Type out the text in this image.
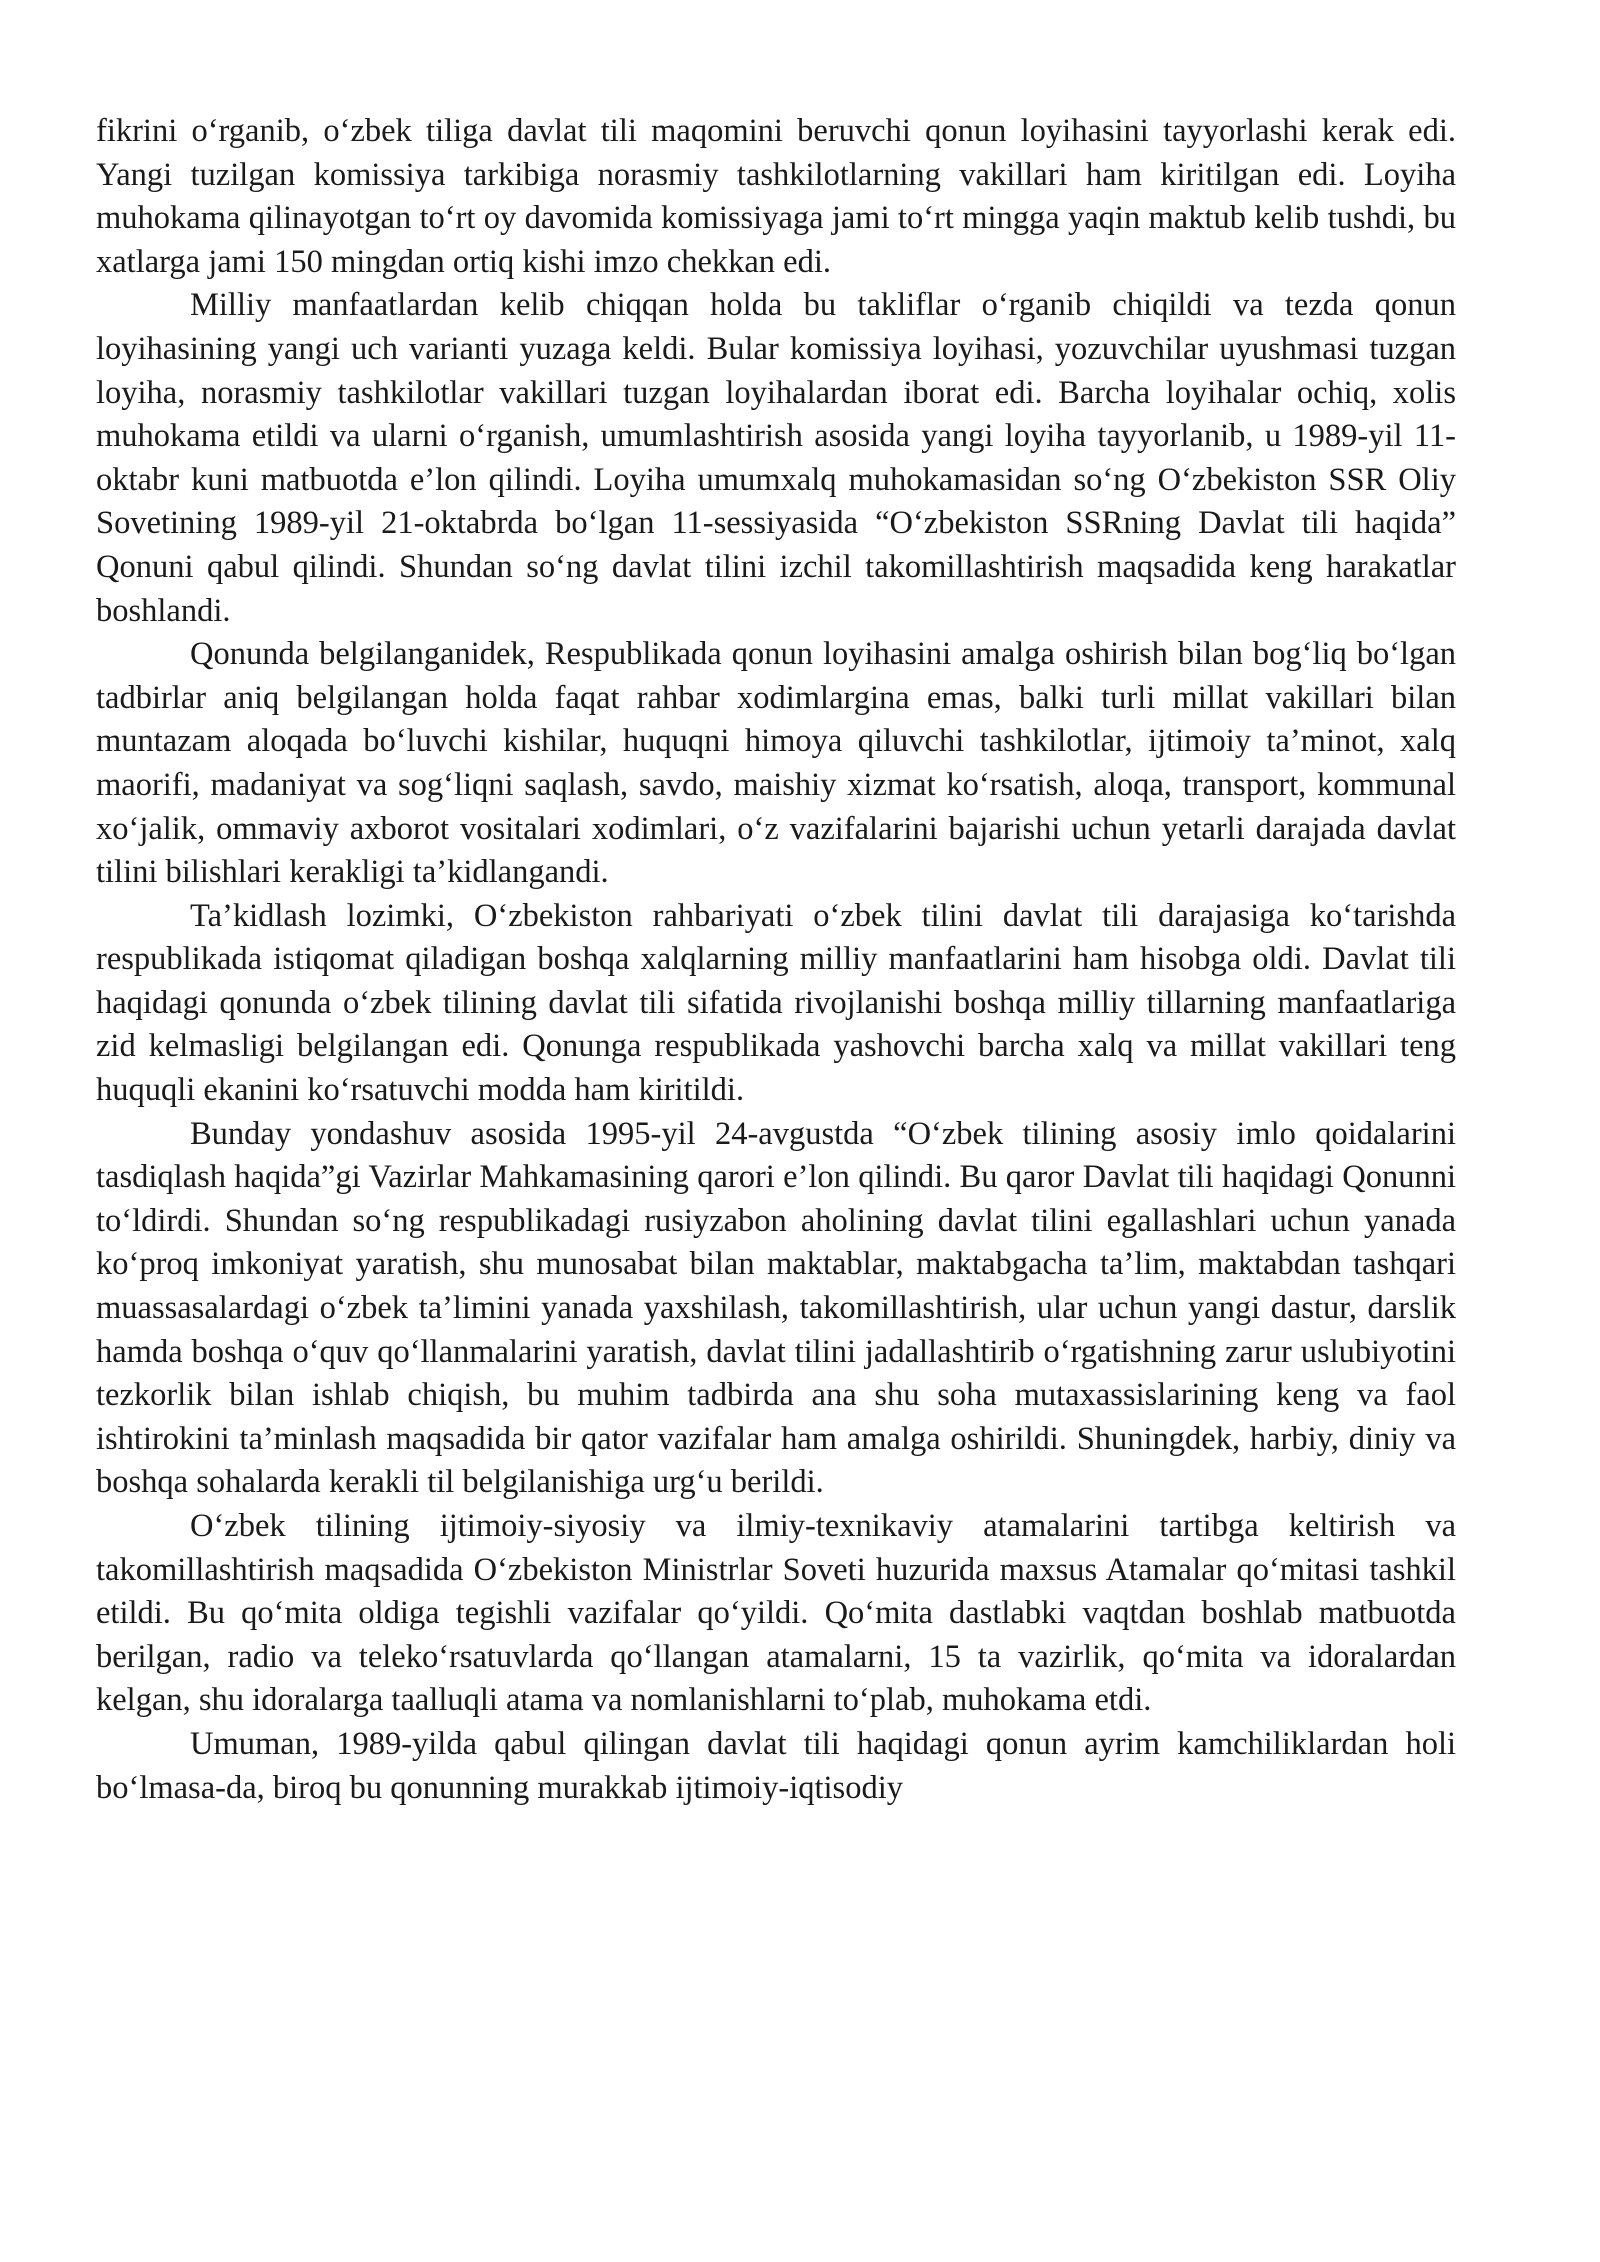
fikrini o‘rganib, o‘zbek tiliga davlat tili maqomini beruvchi qonun loyihasini tayyorlashi kerak edi. Yangi tuzilgan komissiya tarkibiga norasmiy tashkilotlarning vakillari ham kiritilgan edi. Loyiha muhokama qilinayotgan to‘rt oy davomida komissiyaga jami to‘rt mingga yaqin maktub kelib tushdi, bu xatlarga jami 150 mingdan ortiq kishi imzo chekkan edi.

Milliy manfaatlardan kelib chiqqan holda bu takliflar o‘rganib chiqildi va tezda qonun loyihasining yangi uch varianti yuzaga keldi. Bular komissiya loyihasi, yozuvchilar uyushmasi tuzgan loyiha, norasmiy tashkilotlar vakillari tuzgan loyihalardan iborat edi. Barcha loyihalar ochiq, xolis muhokama etildi va ularni o‘rganish, umumlashtirish asosida yangi loyiha tayyorlanib, u 1989-yil 11-oktabr kuni matbuotda e’lon qilindi. Loyiha umumxalq muhokamasidan so‘ng O‘zbekiston SSR Oliy Sovetining 1989-yil 21-oktabrda bo‘lgan 11-sessiyasida “O‘zbekiston SSRning Davlat tili haqida” Qonuni qabul qilindi. Shundan so‘ng davlat tilini izchil takomillashtirish maqsadida keng harakatlar boshlandi.

Qonunda belgilanganidek, Respublikada qonun loyihasini amalga oshirish bilan bog‘liq bo‘lgan tadbirlar aniq belgilangan holda faqat rahbar xodimlargina emas, balki turli millat vakillari bilan muntazam aloqada bo‘luvchi kishilar, huquqni himoya qiluvchi tashkilotlar, ijtimoiy ta’minot, xalq maorifi, madaniyat va sog‘liqni saqlash, savdo, maishiy xizmat ko‘rsatish, aloqa, transport, kommunal xo‘jalik, ommaviy axborot vositalari xodimlari, o‘z vazifalarini bajarishi uchun yetarli darajada davlat tilini bilishlari kerakligi ta’kidlangandi.

Ta’kidlash lozimki, O‘zbekiston rahbariyati o‘zbek tilini davlat tili darajasiga ko‘tarishda respublikada istiqomat qiladigan boshqa xalqlarning milliy manfaatlarini ham hisobga oldi. Davlat tili haqidagi qonunda o‘zbek tilining davlat tili sifatida rivojlanishi boshqa milliy tillarning manfaatlariga zid kelmasligi belgilangan edi. Qonunga respublikada yashovchi barcha xalq va millat vakillari teng huquqli ekanini ko‘rsatuvchi modda ham kiritildi.

Bunday yondashuv asosida 1995-yil 24-avgustda “O‘zbek tilining asosiy imlo qoidalarini tasdiqlash haqida”gi Vazirlar Mahkamasining qarori e’lon qilindi. Bu qaror Davlat tili haqidagi Qonunni to‘ldirdi. Shundan so‘ng respublikadagi rusiyzabon aholining davlat tilini egallashlari uchun yanada ko‘proq imkoniyat yaratish, shu munosabat bilan maktablar, maktabgacha ta’lim, maktabdan tashqari muassasalardagi o‘zbek ta’limini yanada yaxshilash, takomillashtirish, ular uchun yangi dastur, darslik hamda boshqa o‘quv qo‘llanmalarini yaratish, davlat tilini jadallashtirib o‘rgatishning zarur uslubiyotini tezkorlik bilan ishlab chiqish, bu muhim tadbirda ana shu soha mutaxassislarining keng va faol ishtirokini ta’minlash maqsadida bir qator vazifalar ham amalga oshirildi. Shuningdek, harbiy, diniy va boshqa sohalarda kerakli til belgilanishiga urg‘u berildi.

O‘zbek tilining ijtimoiy-siyosiy va ilmiy-texnikaviy atamalarini tartibga keltirish va takomillashtirish maqsadida O‘zbekiston Ministrlar Soveti huzurida maxsus Atamalar qo‘mitasi tashkil etildi. Bu qo‘mita oldiga tegishli vazifalar qo‘yildi. Qo‘mita dastlabki vaqtdan boshlab matbuotda berilgan, radio va teleko‘rsatuvlarda qo‘llangan atamalarni, 15 ta vazirlik, qo‘mita va idoralardan kelgan, shu idoralarga taalluqli atama va nomlanishlarni to‘plab, muhokama etdi.

Umuman, 1989-yilda qabul qilingan davlat tili haqidagi qonun ayrim kamchiliklardan holi bo‘lmasa-da, biroq bu qonunning murakkab ijtimoiy-iqtisodiy
